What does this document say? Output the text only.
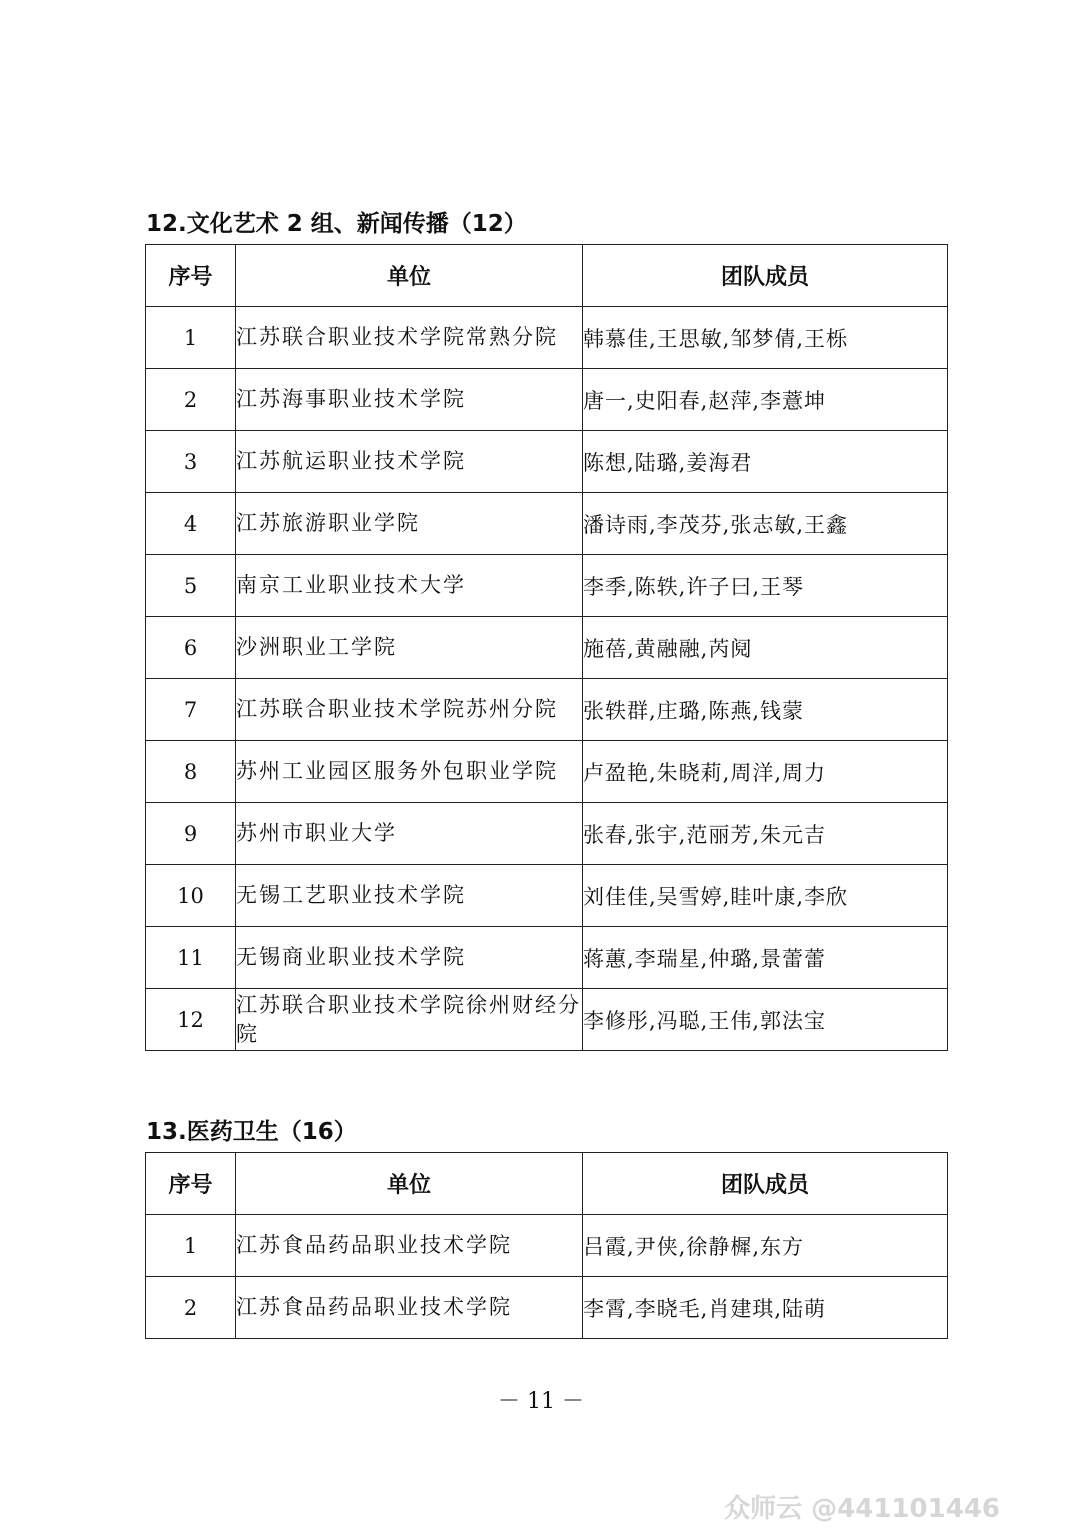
12.文化艺术 2 组、新闻传播（12）
序号	单位	团队成员
1	江苏联合职业技术学院常熟分院	韩慕佳,王思敏,邹梦倩,王栎
2	江苏海事职业技术学院	唐一,史阳春,赵萍,李薏坤
3	江苏航运职业技术学院	陈想,陆璐,姜海君
4	江苏旅游职业学院	潘诗雨,李茂芬,张志敏,王鑫
5	南京工业职业技术大学	李季,陈轶,许子曰,王琴
6	沙洲职业工学院	施蓓,黄融融,芮阋
7	江苏联合职业技术学院苏州分院	张轶群,庄璐,陈燕,钱蒙
8	苏州工业园区服务外包职业学院	卢盈艳,朱晓莉,周洋,周力
9	苏州市职业大学	张春,张宇,范丽芳,朱元吉
10	无锡工艺职业技术学院	刘佳佳,吴雪婷,眭叶康,李欣
11	无锡商业职业技术学院	蒋蕙,李瑞星,仲璐,景蕾蕾
12	江苏联合职业技术学院徐州财经分院	李修彤,冯聪,王伟,郭法宝
13.医药卫生（16）
序号	单位	团队成员
1	江苏食品药品职业技术学院	吕霞,尹侠,徐静樨,东方
2	江苏食品药品职业技术学院	李霄,李晓毛,肖建琪,陆萌
－ 11 －
众师云 @441101446
